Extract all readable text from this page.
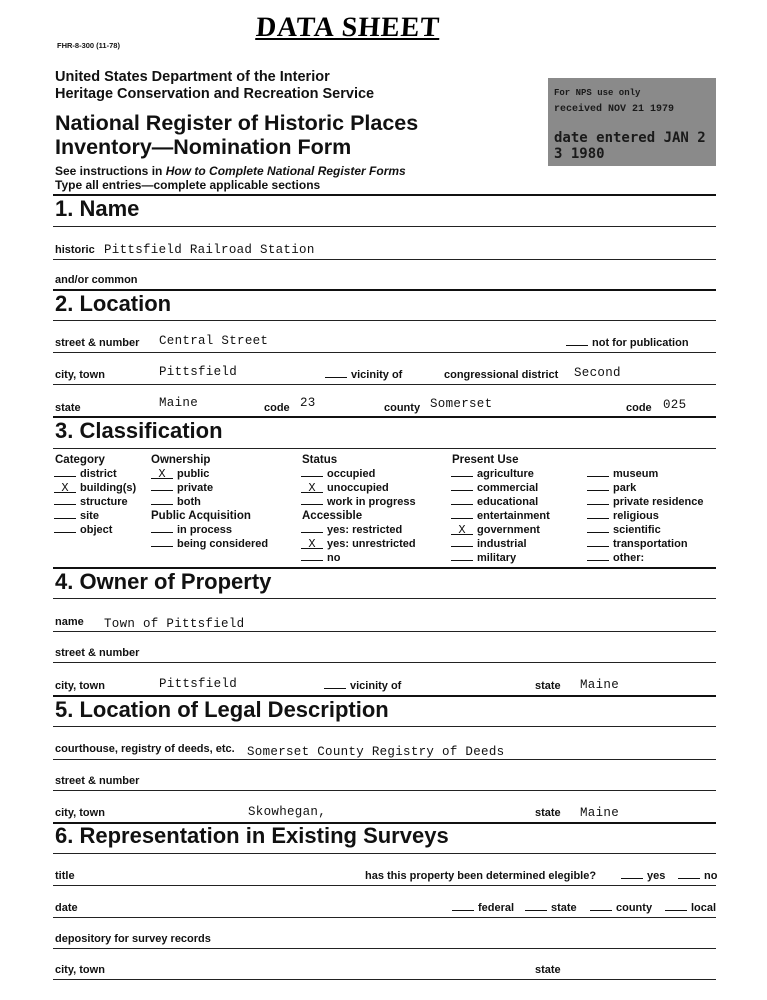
FHR-8-300 (11-78)
DATA SHEET
United States Department of the Interior
Heritage Conservation and Recreation Service
National Register of Historic Places
Inventory—Nomination Form
See instructions in How to Complete National Register Forms
Type all entries—complete applicable sections
For NPS use only
received NOV 21 1979
date entered JAN 2 3 1980
1. Name
historic Pittsfield Railroad Station
and/or common
2. Location
street & number Central Street	not for publication
city, town	Pittsfield	vicinity of	congressional district Second
state	Maine	code 23	county Somerset	code 025
3. Classification
Category
district
X building(s)
structure
site
object
Ownership
X public
private
both
Public Acquisition
in process
being considered
Status
occupied
X unoccupied
work in progress
Accessible
yes: restricted
X yes: unrestricted
no
Present Use
agriculture
commercial
educational
entertainment
X government
industrial
military
museum
park
private residence
religious
scientific
transportation
other:
4. Owner of Property
name Town of Pittsfield
street & number
city, town	Pittsfield	vicinity of	state Maine
5. Location of Legal Description
courthouse, registry of deeds, etc. Somerset County Registry of Deeds
street & number
city, town	Skowhegan,	state Maine
6. Representation in Existing Surveys
title	has this property been determined elegible?	yes	no
date	federal	state	county	local
depository for survey records
city, town	state
